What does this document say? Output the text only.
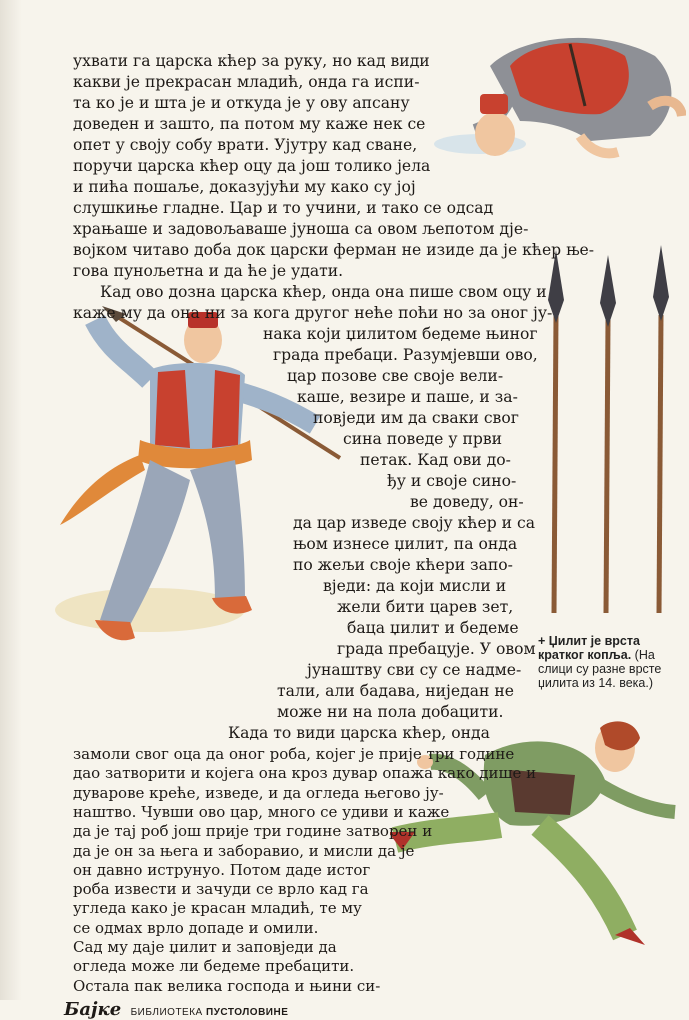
ухвати га царска кћер за руку, но кад види
какви је прекрасан младић, онда га испи-
та ко је и шта је и откуда је у ову апсану
доведен и зашто, па потом му каже нек се
опет у своју собу врати. Ујутру кад сване,
поручи царска кћер оцу да још толико јела
и пића пошаље, доказујући му како су јој
слушкиње гладне. Цар и то учини, и тако се одсад
храњаше и задовољаваше јуноша са овом љепотом дје-
војком читаво доба док царски ферман не изиде да је кћер ње-
гова пунољетна и да ће је удати.
Кад ово дозна царска кћер, онда она пише свом оцу и
каже му да она ни за кога другог неће поћи но за оног ју-
нака који џилитом бедеме њиног
града пребаци. Разумјевши ово,
цар позове све своје вели-
каше, везире и паше, и за-
повједи им да сваки свог
сина поведе у први
петак. Кад ови до-
ђу и своје сино-
ве доведу, он-
да цар изведе своју кћер и са
њом изнесе џилит, па онда
по жељи своје кћери запо-
вједи: да који мисли и
жели бити царев зет,
баца џилит и бедеме
града пребацује. У овом
јунаштву сви су се надме-
тали, али бадава, ниједан не
може ни на пола добацити.
Када то види царска кћер, онда
замоли свог оца да оног роба, којег је прије три године
дао затворити и којега она кроз дувар опажа како дише и
дуварове креће, изведе, и да огледа његово ју-
наштво. Чувши ово цар, много се удиви и каже
да је тај роб још прије три године затворен и
да је он за њега и заборавио, и мисли да је
он давно иструнуо. Потом даде истог
роба извести и зачуди се врло кад га
угледа како је красан младић, те му
се одмах врло допаде и омили.
Сад му даје џилит и заповједи да
оглeда може ли бедеме пребацити.
Остала пак велика господа и њини си-
+ Џилит је врста кратког копља. (На слици су разне врсте џилита из 14. века.)
Бајке БИБЛИОТЕКА ПУСТОЛОВИНЕ
